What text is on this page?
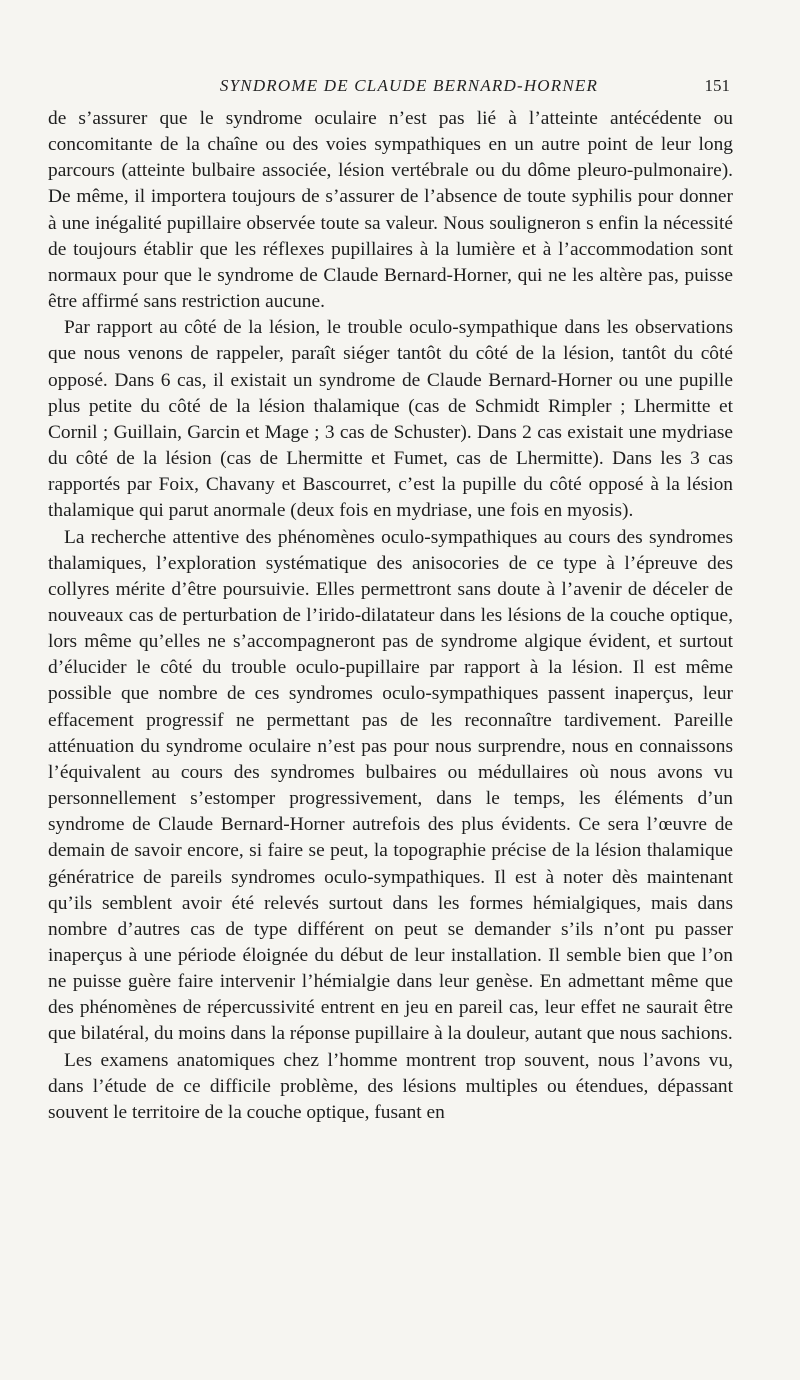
SYNDROME DE CLAUDE BERNARD-HORNER	151

de s’assurer que le syndrome oculaire n’est pas lié à l’atteinte antécédente ou concomitante de la chaîne ou des voies sympathiques en un autre point de leur long parcours (atteinte bulbaire associée, lésion vertébrale ou du dôme pleuro-pulmonaire). De même, il importera toujours de s’assurer de l’absence de toute syphilis pour donner à une inégalité pupillaire observée toute sa valeur. Nous souligneron s enfin la nécessité de toujours établir que les réflexes pupillaires à la lumière et à l’accommodation sont normaux pour que le syndrome de Claude Bernard-Horner, qui ne les altère pas, puisse être affirmé sans restriction aucune.

Par rapport au côté de la lésion, le trouble oculo-sympathique dans les observations que nous venons de rappeler, paraît siéger tantôt du côté de la lésion, tantôt du côté opposé. Dans 6 cas, il existait un syndrome de Claude Bernard-Horner ou une pupille plus petite du côté de la lésion thalamique (cas de Schmidt Rimpler ; Lhermitte et Cornil ; Guillain, Garcin et Mage ; 3 cas de Schuster). Dans 2 cas existait une mydriase du côté de la lésion (cas de Lhermitte et Fumet, cas de Lhermitte). Dans les 3 cas rapportés par Foix, Chavany et Bascourret, c’est la pupille du côté opposé à la lésion thalamique qui parut anormale (deux fois en mydriase, une fois en myosis).

La recherche attentive des phénomènes oculo-sympathiques au cours des syndromes thalamiques, l’exploration systématique des anisocories de ce type à l’épreuve des collyres mérite d’être poursuivie. Elles permettront sans doute à l’avenir de déceler de nouveaux cas de perturbation de l’irido-dilatateur dans les lésions de la couche optique, lors même qu’elles ne s’accompagneront pas de syndrome algique évident, et surtout d’élucider le côté du trouble oculo-pupillaire par rapport à la lésion. Il est même possible que nombre de ces syndromes oculo-sympathiques passent inaperçus, leur effacement progressif ne permettant pas de les reconnaître tardivement. Pareille atténuation du syndrome oculaire n’est pas pour nous surprendre, nous en connaissons l’équivalent au cours des syndromes bulbaires ou médullaires où nous avons vu personnellement s’estomper progressivement, dans le temps, les éléments d’un syndrome de Claude Bernard-Horner autrefois des plus évidents. Ce sera l’œuvre de demain de savoir encore, si faire se peut, la topographie précise de la lésion thalamique génératrice de pareils syndromes oculo-sympathiques. Il est à noter dès maintenant qu’ils semblent avoir été relevés surtout dans les formes hémialgiques, mais dans nombre d’autres cas de type différent on peut se demander s’ils n’ont pu passer inaperçus à une période éloignée du début de leur installation. Il semble bien que l’on ne puisse guère faire intervenir l’hémialgie dans leur genèse. En admettant même que des phénomènes de répercussivité entrent en jeu en pareil cas, leur effet ne saurait être que bilatéral, du moins dans la réponse pupillaire à la douleur, autant que nous sachions.

Les examens anatomiques chez l’homme montrent trop souvent, nous l’avons vu, dans l’étude de ce difficile problème, des lésions multiples ou étendues, dépassant souvent le territoire de la couche optique, fusant en
